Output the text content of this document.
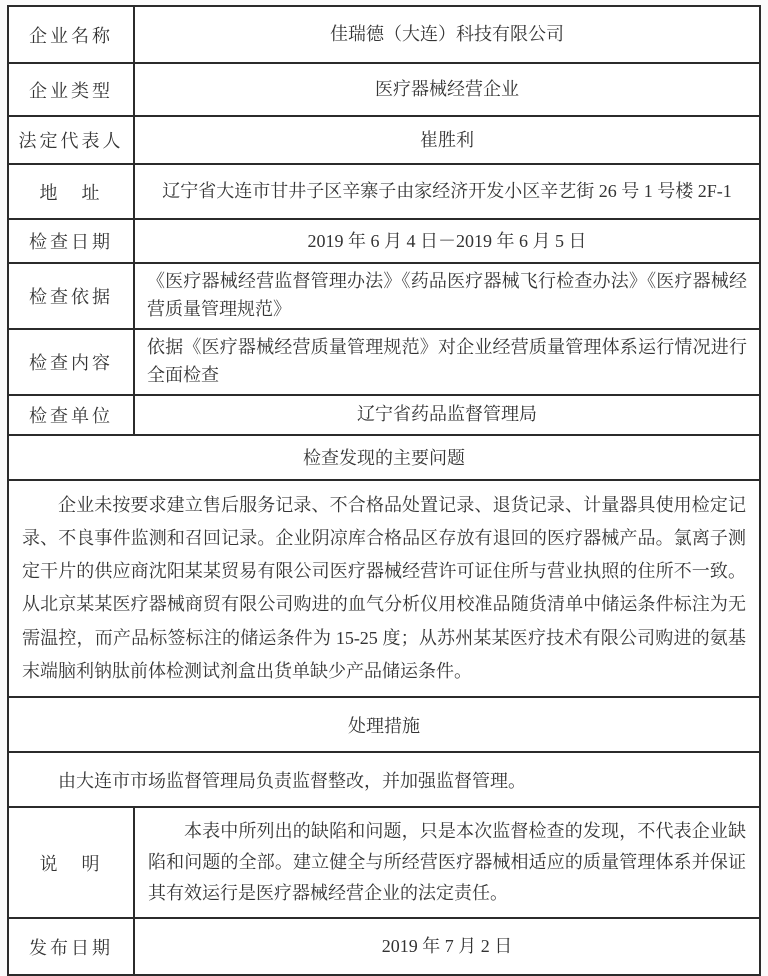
企业名称	佳瑞德（大连）科技有限公司
企业类型	医疗器械经营企业
法定代表人	崔胜利
地　址	辽宁省大连市甘井子区辛寨子由家经济开发小区辛艺街 26 号 1 号楼 2F-1
检查日期	2019 年 6 月 4 日－2019 年 6 月 5 日
检查依据	《医疗器械经营监督管理办法》《药品医疗器械飞行检查办法》《医疗器械经营质量管理规范》
检查内容	依据《医疗器械经营质量管理规范》对企业经营质量管理体系运行情况进行全面检查
检查单位	辽宁省药品监督管理局
检查发现的主要问题	
企业未按要求建立售后服务记录、不合格品处置记录、退货记录、计量器具使用检定记录、不良事件监测和召回记录。企业阴凉库合格品区存放有退回的医疗器械产品。氯离子测定干片的供应商沈阳某某贸易有限公司医疗器械经营许可证住所与营业执照的住所不一致。从北京某某医疗器械商贸有限公司购进的血气分析仪用校准品随货清单中储运条件标注为无需温控，而产品标签标注的储运条件为 15-25 度；从苏州某某医疗技术有限公司购进的氨基末端脑利钠肽前体检测试剂盒出货单缺少产品储运条件。	
处理措施	
由大连市市场监督管理局负责监督整改，并加强监督管理。	
说　明	本表中所列出的缺陷和问题，只是本次监督检查的发现，不代表企业缺陷和问题的全部。建立健全与所经营医疗器械相适应的质量管理体系并保证其有效运行是医疗器械经营企业的法定责任。
发布日期	2019 年 7 月 2 日
